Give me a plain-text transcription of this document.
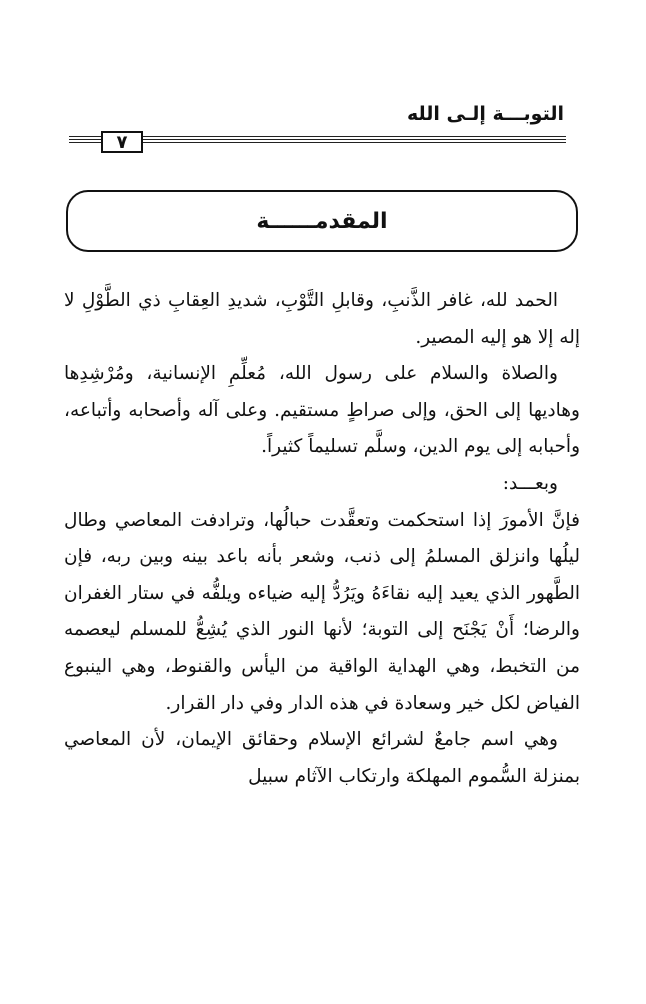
التوبـــة إلـى الله
٧
المقدمــــــة

الحمد لله، غافر الذَّنبِ، وقابلِ التَّوْبِ، شديدِ العِقابِ ذي الطَّوْلِ لا إله إلا هو إليه المصير.

والصلاة والسلام على رسول الله، مُعلِّمِ الإنسانية، ومُرْشِدِها وهاديها إلى الحق، وإلى صراطٍ مستقيم. وعلى آله وأصحابه وأتباعه، وأحبابه إلى يوم الدين، وسلَّم تسليماً كثيراً.

وبعـــد:

فإنَّ الأمورَ إذا استحكمت وتعقَّدت حبالُها، وترادفت المعاصي وطال ليلُها وانزلق المسلمُ إلى ذنب، وشعر بأنه باعد بينه وبين ربه، فإن الطَّهور الذي يعيد إليه نقاءَهُ ويَرُدُّ إليه ضياءه ويلفُّه في ستار الغفران والرضا؛ أَنْ يَجْنَح إلى التوبة؛ لأنها النور الذي يُشِعُّ للمسلم ليعصمه من التخبط، وهي الهداية الواقية من اليأس والقنوط، وهي الينبوع الفياض لكل خير وسعادة في هذه الدار وفي دار القرار.

وهي اسم جامعٌ لشرائع الإسلام وحقائق الإيمان، لأن المعاصي بمنزلة السُّموم المهلكة وارتكاب الآثام سبيل
